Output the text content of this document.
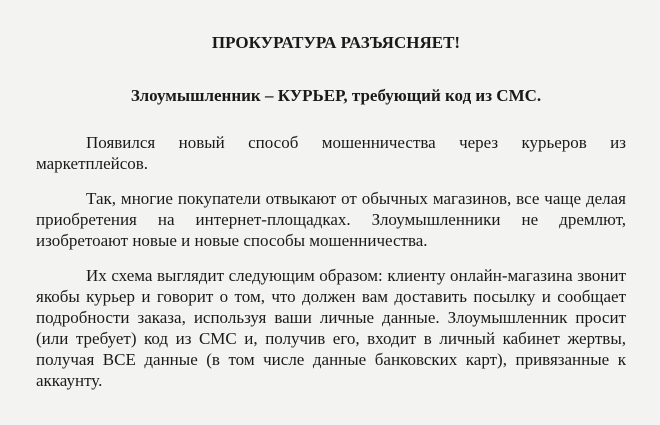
ПРОКУРАТУРА РАЗЪЯСНЯЕТ!
Злоумышленник – КУРЬЕР, требующий код из СМС.

Появился новый способ мошенничества через курьеров из маркетплейсов.

Так, многие покупатели отвыкают от обычных магазинов, все чаще делая приобретения на интернет-площадках. Злоумышленники не дремлют, изобретоают новые и новые способы мошенничества.

Их схема выглядит следующим образом: клиенту онлайн-магазина звонит якобы курьер и говорит о том, что должен вам доставить посылку и сообщает подробности заказа, используя ваши личные данные. Злоумышленник просит (или требует) код из СМС и, получив его, входит в личный кабинет жертвы, получая ВСЕ данные (в том числе данные банковских карт), привязанные к аккаунту.
